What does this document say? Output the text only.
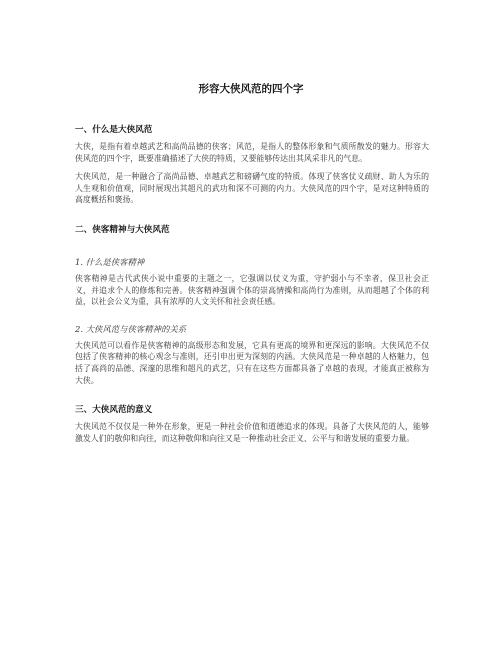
形容大侠风范的四个字
一、什么是大侠风范

大侠，是指有着卓越武艺和高尚品德的侠客；风范，是指人的整体形象和气质所散发的魅力。形容大侠风范的四个字，既要准确描述了大侠的特质，又要能够传达出其风采非凡的气息。

大侠风范，是一种融合了高尚品德、卓越武艺和磅礴气度的特质。体现了侠客仗义疏财、助人为乐的人生观和价值观，同时展现出其超凡的武功和深不可测的内力。大侠风范的四个字，是对这种特质的高度概括和褒扬。

二、侠客精神与大侠风范
1. 什么是侠客精神

侠客精神是古代武侠小说中重要的主题之一，它强调以仗义为重，守护弱小与不幸者，保卫社会正义，并追求个人的修炼和完善。侠客精神强调个体的崇高情操和高尚行为准则，从而超越了个体的利益，以社会公义为重，具有浓厚的人文关怀和社会责任感。

2. 大侠风范与侠客精神的关系

大侠风范可以看作是侠客精神的高级形态和发展，它具有更高的境界和更深远的影响。大侠风范不仅包括了侠客精神的核心观念与准则，还引申出更为深刻的内涵。大侠风范是一种卓越的人格魅力，包括了高尚的品德、深邃的思维和超凡的武艺，只有在这些方面都具备了卓越的表现，才能真正被称为大侠。

三、大侠风范的意义

大侠风范不仅仅是一种外在形象，更是一种社会价值和道德追求的体现。具备了大侠风范的人，能够激发人们的敬仰和向往，而这种敬仰和向往又是一种推动社会正义、公平与和谐发展的重要力量。
